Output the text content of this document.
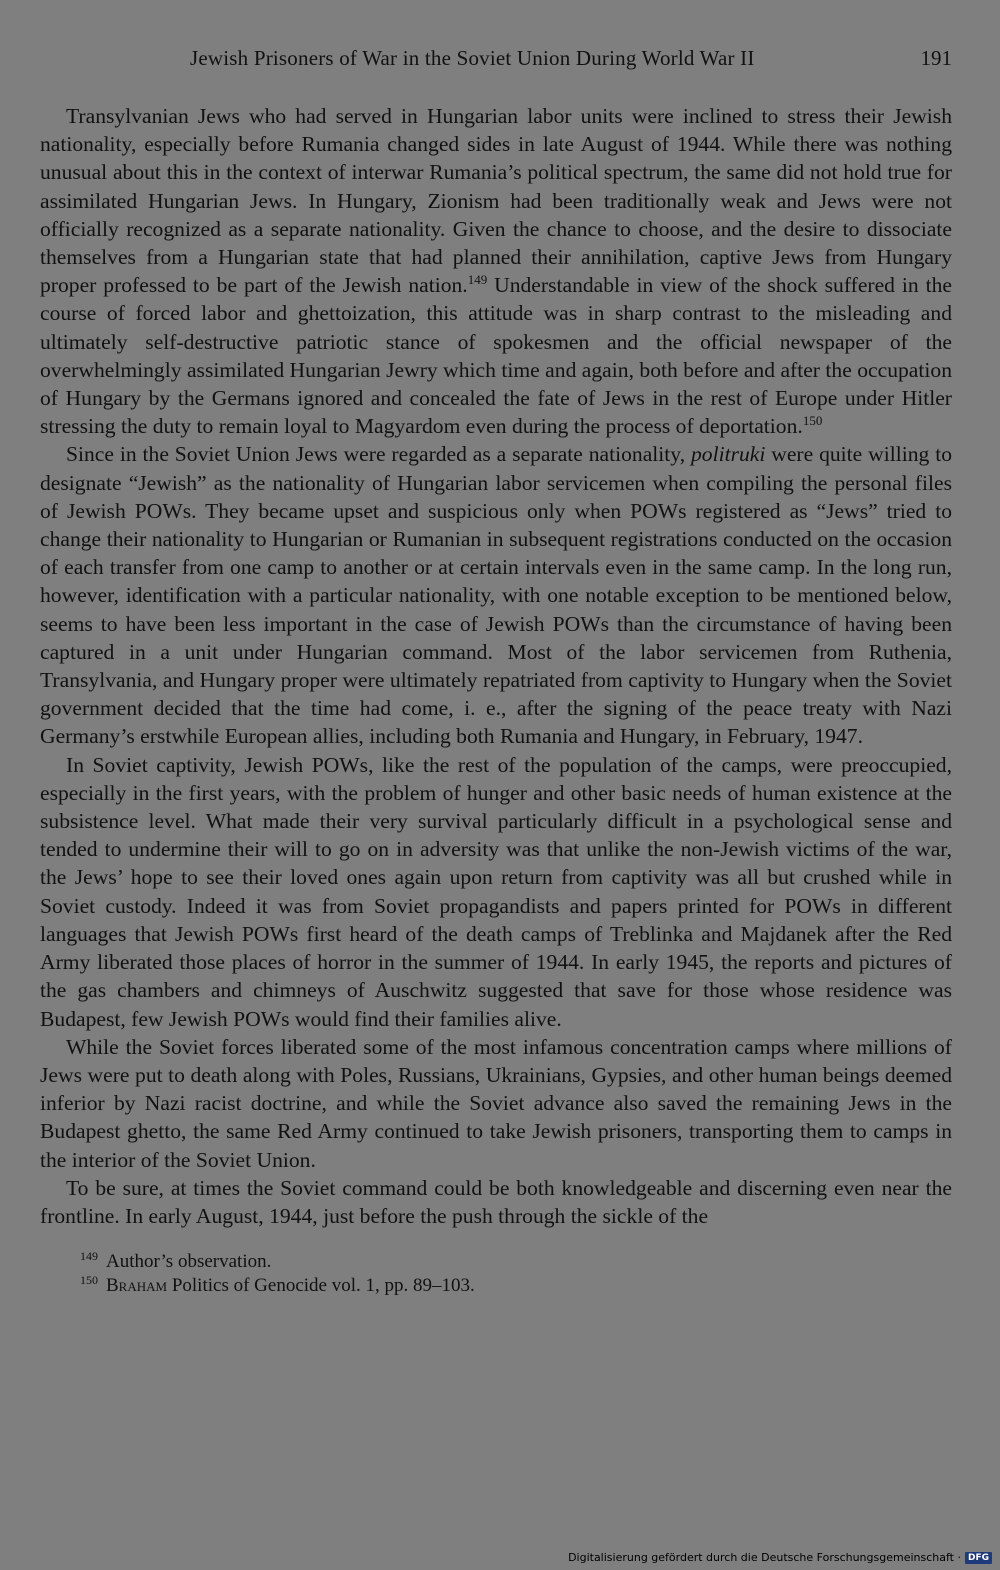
Jewish Prisoners of War in the Soviet Union During World War II	191

Transylvanian Jews who had served in Hungarian labor units were inclined to stress their Jewish nationality, especially before Rumania changed sides in late August of 1944. While there was nothing unusual about this in the context of interwar Rumania’s political spectrum, the same did not hold true for assimilated Hungarian Jews. In Hungary, Zionism had been traditionally weak and Jews were not officially recognized as a separate nationality. Given the chance to choose, and the desire to dissociate themselves from a Hungarian state that had planned their annihilation, captive Jews from Hungary proper professed to be part of the Jewish nation.$^{149}$ Understandable in view of the shock suffered in the course of forced labor and ghettoization, this attitude was in sharp contrast to the misleading and ultimately self-destructive patriotic stance of spokesmen and the official newspaper of the overwhelmingly assimilated Hungarian Jewry which time and again, both before and after the occupation of Hungary by the Germans ignored and concealed the fate of Jews in the rest of Europe under Hitler stressing the duty to remain loyal to Magyardom even during the process of deportation.$^{150}$

Since in the Soviet Union Jews were regarded as a separate nationality, politruki were quite willing to designate “Jewish” as the nationality of Hungarian labor servicemen when compiling the personal files of Jewish POWs. They became upset and suspicious only when POWs registered as “Jews” tried to change their nationality to Hungarian or Rumanian in subsequent registrations conducted on the occasion of each transfer from one camp to another or at certain intervals even in the same camp. In the long run, however, identification with a particular nationality, with one notable exception to be mentioned below, seems to have been less important in the case of Jewish POWs than the circumstance of having been captured in a unit under Hungarian command. Most of the labor servicemen from Ruthenia, Transylvania, and Hungary proper were ultimately repatriated from captivity to Hungary when the Soviet government decided that the time had come, i. e., after the signing of the peace treaty with Nazi Germany’s erstwhile European allies, including both Rumania and Hungary, in February, 1947.

In Soviet captivity, Jewish POWs, like the rest of the population of the camps, were preoccupied, especially in the first years, with the problem of hunger and other basic needs of human existence at the subsistence level. What made their very survival particularly difficult in a psychological sense and tended to undermine their will to go on in adversity was that unlike the non-Jewish victims of the war, the Jews’ hope to see their loved ones again upon return from captivity was all but crushed while in Soviet custody. Indeed it was from Soviet propagandists and papers printed for POWs in different languages that Jewish POWs first heard of the death camps of Treblinka and Majdanek after the Red Army liberated those places of horror in the summer of 1944. In early 1945, the reports and pictures of the gas chambers and chimneys of Auschwitz suggested that save for those whose residence was Budapest, few Jewish POWs would find their families alive.

While the Soviet forces liberated some of the most infamous concentration camps where millions of Jews were put to death along with Poles, Russians, Ukrainians, Gypsies, and other human beings deemed inferior by Nazi racist doctrine, and while the Soviet advance also saved the remaining Jews in the Budapest ghetto, the same Red Army continued to take Jewish prisoners, transporting them to camps in the interior of the Soviet Union.

To be sure, at times the Soviet command could be both knowledgeable and discerning even near the frontline. In early August, 1944, just before the push through the sickle of the

$^{149}$ Author’s observation.
$^{150}$ Braham Politics of Genocide vol. 1, pp. 89–103.
Digitalisierung gefördert durch die Deutsche Forschungsgemeinschaft · DFG
